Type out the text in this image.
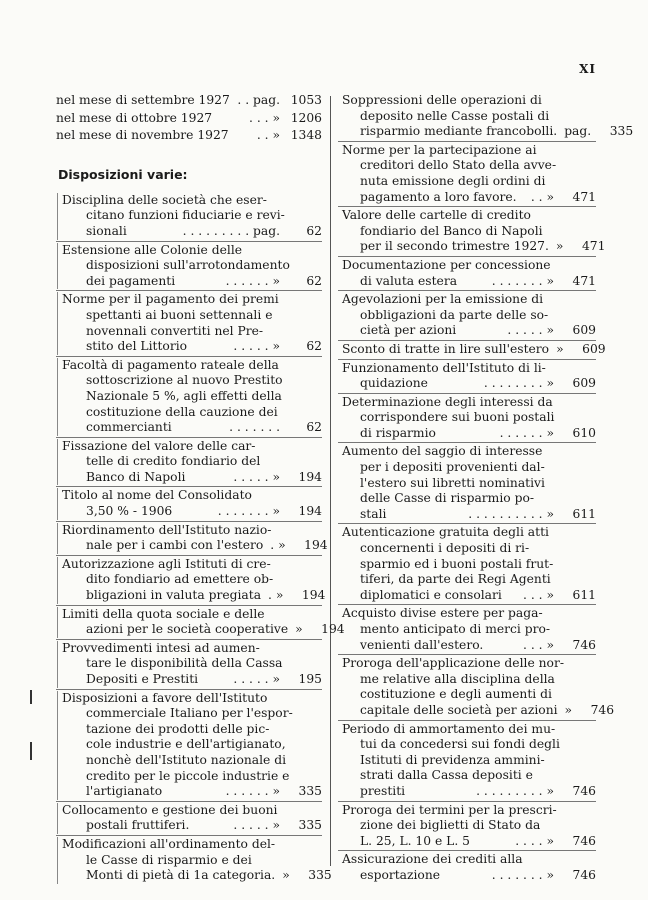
XI
nel mese di settembre 1927 . . pag. 1053
nel mese di ottobre 1927	. . . » 1206
nel mese di novembre 1927 . . » 1348
Disposizioni varie:
Disciplina delle società che eser-
citano funzioni fiduciarie e revi-
sionali	. . . . . . . . . pag.	62
Estensione alle Colonie delle
disposizioni sull'arrotondamento
dei pagamenti	. . . . . . »	62
Norme per il pagamento dei premi
spettanti ai buoni settennali e
novennali convertiti nel Pre-
stito del Littorio	. . . . . »	62
Facoltà di pagamento rateale della
sottoscrizione al nuovo Prestito
Nazionale 5 %, agli effetti della
costituzione della cauzione dei
commercianti	. . . . . . .	62
Fissazione del valore delle car-
telle di credito fondiario del
Banco di Napoli	. . . . . »	194
Titolo al nome del Consolidato
3,50 % - 1906	. . . . . . . »	194
Riordinamento dell'Istituto nazio-
nale per i cambi con l'estero . »	194
Autorizzazione agli Istituti di cre-
dito fondiario ad emettere ob-
bligazioni in valuta pregiata . »	194
Limiti della quota sociale e delle
azioni per le società cooperative »	194
Provvedimenti intesi ad aumen-
tare le disponibilità della Cassa
Depositi e Prestiti	. . . . . »	195
Disposizioni a favore dell'Istituto
commerciale Italiano per l'espor-
tazione dei prodotti delle pic-
cole industrie e dell'artigianato,
nonchè dell'Istituto nazionale di
credito per le piccole industrie e
l'artigianato	. . . . . . »	335
Collocamento e gestione dei buoni
postali fruttiferi.	. . . . . »	335
Modificazioni all'ordinamento del-
le Casse di risparmio e dei
Monti di pietà di 1a categoria. »	335
Soppressioni delle operazioni di
deposito nelle Casse postali di
risparmio mediante francobolli. pag.	335
Norme per la partecipazione ai
creditori dello Stato della avve-
nuta emissione degli ordini di
pagamento a loro favore. . . »	471
Valore delle cartelle di credito
fondiario del Banco di Napoli
per il secondo trimestre 1927. »	471
Documentazione per concessione
di valuta estera	. . . . . . . »	471
Agevolazioni per la emissione di
obbligazioni da parte delle so-
cietà per azioni	. . . . . »	609
Sconto di tratte in lire sull'estero »	609
Funzionamento dell'Istituto di li-
quidazione	. . . . . . . . »	609
Determinazione degli interessi da
corrispondere sui buoni postali
di risparmio	. . . . . . »	610
Aumento del saggio di interesse
per i depositi provenienti dal-
l'estero sui libretti nominativi
delle Casse di risparmio po-
stali	. . . . . . . . . . »	611
Autenticazione gratuita degli atti
concernenti i depositi di ri-
sparmio ed i buoni postali frut-
tiferi, da parte dei Regi Agenti
diplomatici e consolari . . . »	611
Acquisto divise estere per paga-
mento anticipato di merci pro-
venienti dall'estero.	. . . »	746
Proroga dell'applicazione delle nor-
me relative alla disciplina della
costituzione e degli aumenti di
capitale delle società per azioni »	746
Periodo di ammortamento dei mu-
tui da concedersi sui fondi degli
Istituti di previdenza ammini-
strati dalla Cassa depositi e
prestiti	. . . . . . . . . »	746
Proroga dei termini per la prescri-
zione dei biglietti di Stato da
L. 25, L. 10 e L. 5	. . . . »	746
Assicurazione dei crediti alla
esportazione	. . . . . . . »	746
